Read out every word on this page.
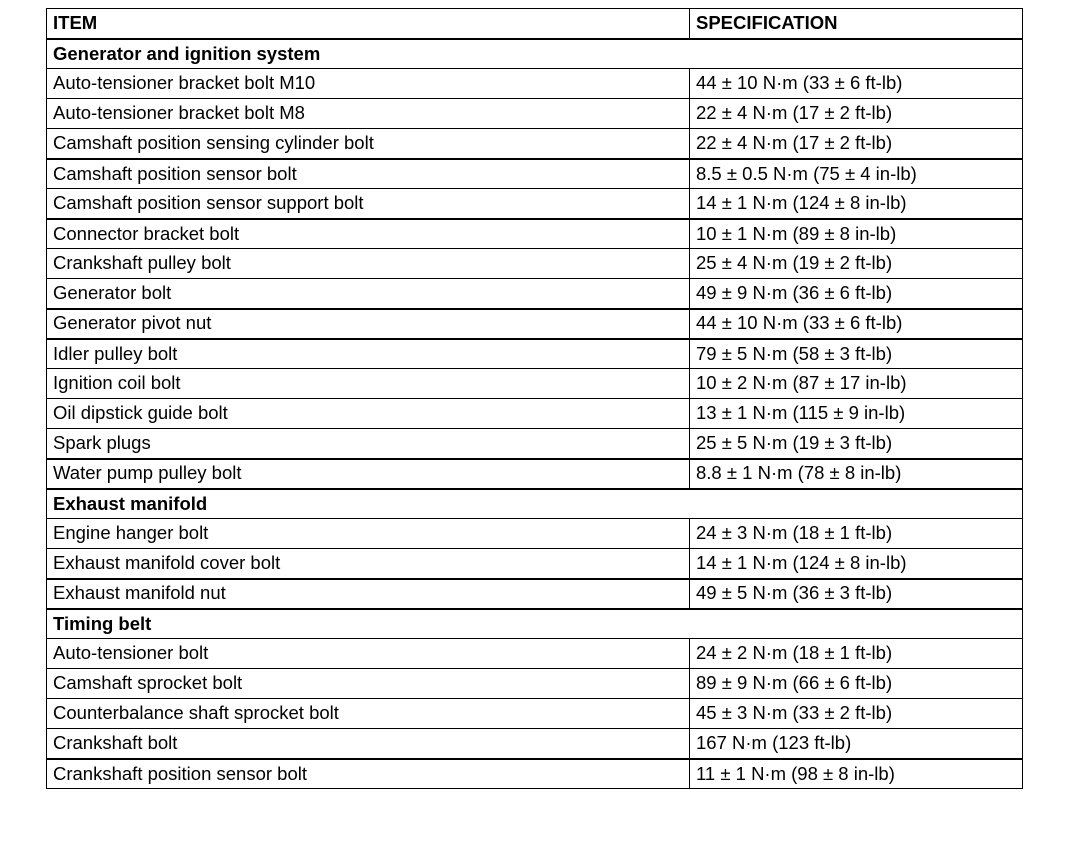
ITEM	SPECIFICATION
Generator and ignition system	
Auto-tensioner bracket bolt M10	44 ± 10 N·m (33 ± 6 ft-lb)
Auto-tensioner bracket bolt M8	22 ± 4 N·m (17 ± 2 ft-lb)
Camshaft position sensing cylinder bolt	22 ± 4 N·m (17 ± 2 ft-lb)
Camshaft position sensor bolt	8.5 ± 0.5 N·m (75 ± 4 in-lb)
Camshaft position sensor support bolt	14 ± 1 N·m (124 ± 8 in-lb)
Connector bracket bolt	10 ± 1 N·m (89 ± 8 in-lb)
Crankshaft pulley bolt	25 ± 4 N·m (19 ± 2 ft-lb)
Generator bolt	49 ± 9 N·m (36 ± 6 ft-lb)
Generator pivot nut	44 ± 10 N·m (33 ± 6 ft-lb)
Idler pulley bolt	79 ± 5 N·m (58 ± 3 ft-lb)
Ignition coil bolt	10 ± 2 N·m (87 ± 17 in-lb)
Oil dipstick guide bolt	13 ± 1 N·m (115 ± 9 in-lb)
Spark plugs	25 ± 5 N·m (19 ± 3 ft-lb)
Water pump pulley bolt	8.8 ± 1 N·m (78 ± 8 in-lb)
Exhaust manifold	
Engine hanger bolt	24 ± 3 N·m (18 ± 1 ft-lb)
Exhaust manifold cover bolt	14 ± 1 N·m (124 ± 8 in-lb)
Exhaust manifold nut	49 ± 5 N·m (36 ± 3 ft-lb)
Timing belt	
Auto-tensioner bolt	24 ± 2 N·m (18 ± 1 ft-lb)
Camshaft sprocket bolt	89 ± 9 N·m (66 ± 6 ft-lb)
Counterbalance shaft sprocket bolt	45 ± 3 N·m (33 ± 2 ft-lb)
Crankshaft bolt	167 N·m (123 ft-lb)
Crankshaft position sensor bolt	11 ± 1 N·m (98 ± 8 in-lb)
